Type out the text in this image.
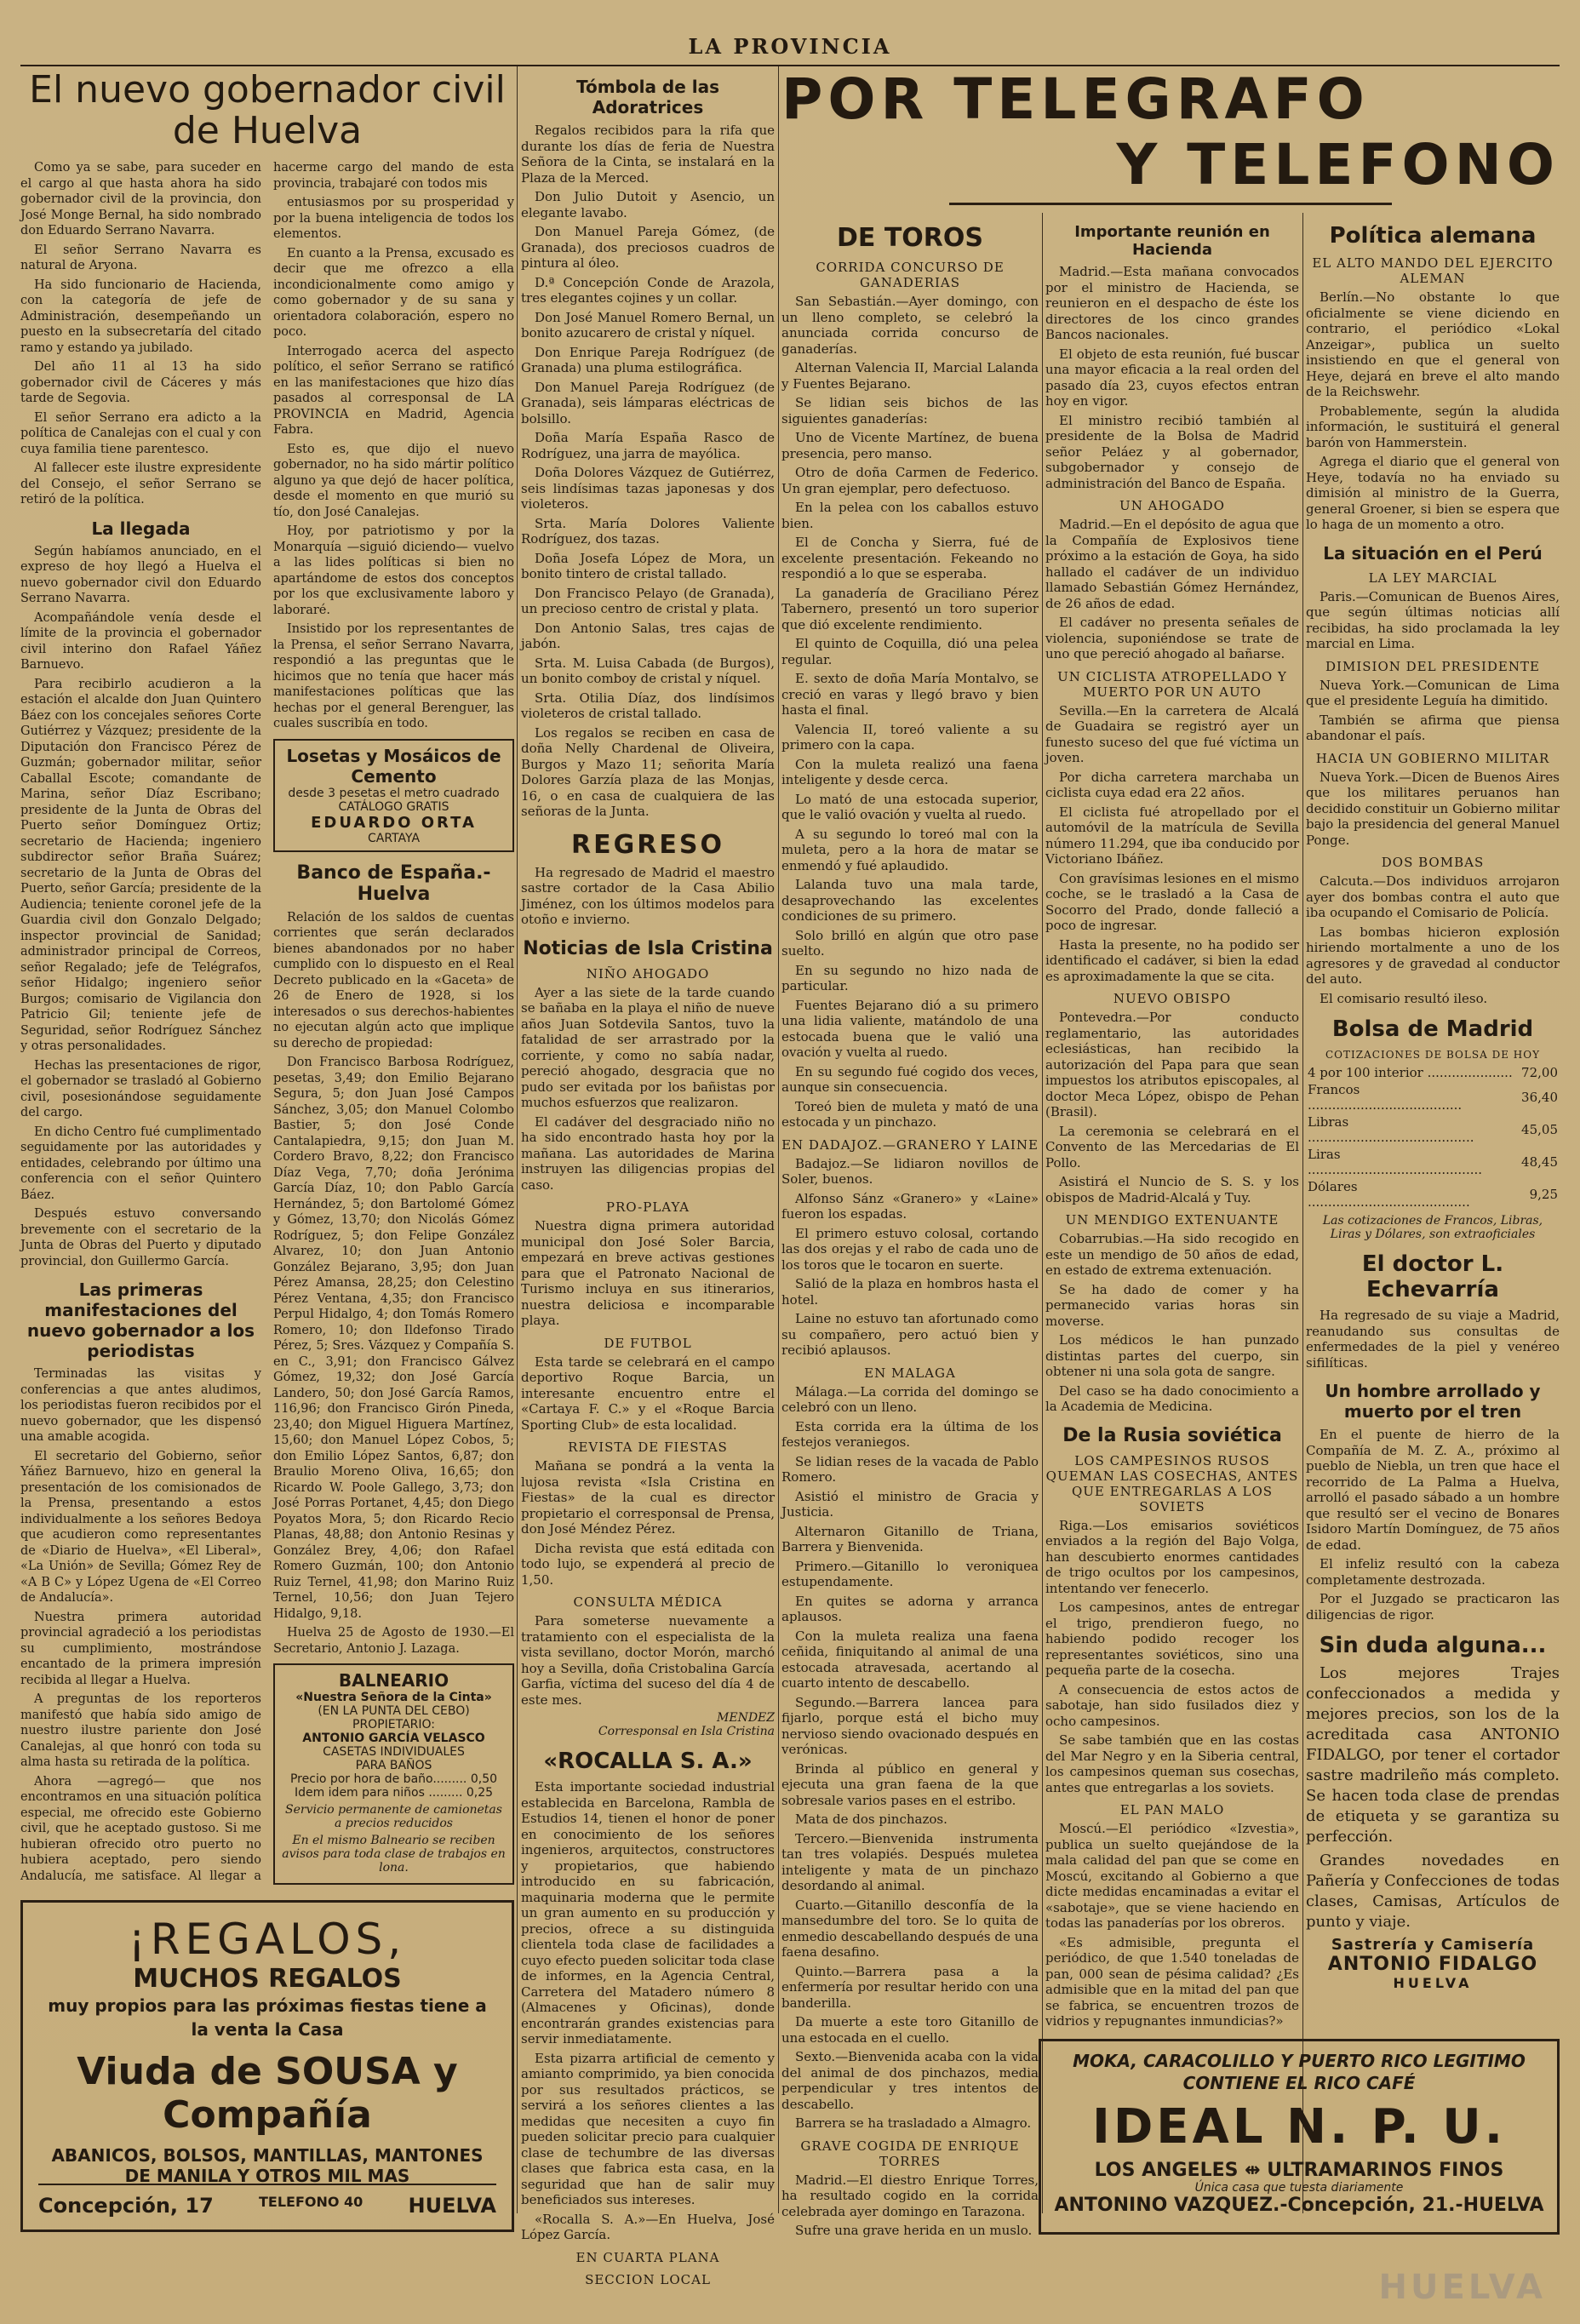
LA PROVINCIA
El nuevo gobernador civil de Huelva

Como ya se sabe, para suceder en el cargo al que hasta ahora ha sido gobernador civil de la provincia, don José Monge Bernal, ha sido nombrado don Eduardo Serrano Navarra.

El señor Serrano Navarra es natural de Aryona.

Ha sido funcionario de Hacienda, con la categoría de jefe de Administración, desempeñando un puesto en la subsecretaría del citado ramo y estando ya jubilado.

Del año 11 al 13 ha sido gobernador civil de Cáceres y más tarde de Segovia.

El señor Serrano era adicto a la política de Canalejas con el cual y con cuya familia tiene parentesco.

Al fallecer este ilustre expresidente del Consejo, el señor Serrano se retiró de la política.

La llegada

Según habíamos anunciado, en el expreso de hoy llegó a Huelva el nuevo gobernador civil don Eduardo Serrano Navarra.

Acompañándole venía desde el límite de la provincia el gobernador civil interino don Rafael Yáñez Barnuevo.

Para recibirlo acudieron a la estación el alcalde don Juan Quintero Báez con los concejales señores Corte Gutiérrez y Vázquez; presidente de la Diputación don Francisco Pérez de Guzmán; gobernador militar, señor Caballal Escote; comandante de Marina, señor Díaz Escribano; presidente de la Junta de Obras del Puerto señor Domínguez Ortiz; secretario de Hacienda; ingeniero subdirector señor Braña Suárez; secretario de la Junta de Obras del Puerto, señor García; presidente de la Audiencia; teniente coronel jefe de la Guardia civil don Gonzalo Delgado; inspector provincial de Sanidad; administrador principal de Correos, señor Regalado; jefe de Telégrafos, señor Hidalgo; ingeniero señor Burgos; comisario de Vigilancia don Patricio Gil; teniente jefe de Seguridad, señor Rodríguez Sánchez y otras personalidades.

Hechas las presentaciones de rigor, el gobernador se trasladó al Gobierno civil, posesionándose seguidamente del cargo.

En dicho Centro fué cumplimentado seguidamente por las autoridades y entidades, celebrando por último una conferencia con el señor Quintero Báez.

Después estuvo conversando brevemente con el secretario de la Junta de Obras del Puerto y diputado provincial, don Guillermo García.

Las primeras manifestaciones del nuevo gobernador a los periodistas

Terminadas las visitas y conferencias a que antes aludimos, los periodistas fueron recibidos por el nuevo gobernador, que les dispensó una amable acogida.

El secretario del Gobierno, señor Yáñez Barnuevo, hizo en general la presentación de los comisionados de la Prensa, presentando a estos individualmente a los señores Bedoya que acudieron como representantes de «Diario de Huelva», «El Liberal», «La Unión» de Sevilla; Gómez Rey de «A B C» y López Ugena de «El Correo de Andalucía».

Nuestra primera autoridad provincial agradeció a los periodistas su cumplimiento, mostrándose encantado de la primera impresión recibida al llegar a Huelva.

A preguntas de los reporteros manifestó que había sido amigo de nuestro ilustre pariente don José Canalejas, al que honró con toda su alma hasta su retirada de la política.

Ahora —agregó— que nos encontramos en una situación política especial, me ofrecido este Gobierno civil, que he aceptado gustoso. Si me hubieran ofrecido otro puerto no hubiera aceptado, pero siendo Andalucía, me satisface. Al llegar a hacerme cargo del mando de esta provincia, trabajaré con todos mis

entusiasmos por su prosperidad y por la buena inteligencia de todos los elementos.

En cuanto a la Prensa, excusado es decir que me ofrezco a ella incondicionalmente como amigo y como gobernador y de su sana y orientadora colaboración, espero no poco.

Interrogado acerca del aspecto político, el señor Serrano se ratificó en las manifestaciones que hizo días pasados al corresponsal de LA PROVINCIA en Madrid, Agencia Fabra.

Esto es, que dijo el nuevo gobernador, no ha sido mártir político alguno ya que dejó de hacer política, desde el momento en que murió su tío, don José Canalejas.

Hoy, por patriotismo y por la Monarquía —siguió diciendo— vuelvo a las lides políticas si bien no apartándome de estos dos conceptos por los que exclusivamente laboro y laboraré.

Insistido por los representantes de la Prensa, el señor Serrano Navarra, respondió a las preguntas que le hicimos que no tenía que hacer más manifestaciones políticas que las hechas por el general Berenguer, las cuales suscribía en todo.

Losetas y Mosáicos de Cemento
desde 3 pesetas el metro cuadrado
CATÁLOGO GRATIS
EDUARDO ORTA
CARTAYA
Banco de España.-Huelva

Relación de los saldos de cuentas corrientes que serán declarados bienes abandonados por no haber cumplido con lo dispuesto en el Real Decreto publicado en la «Gaceta» de 26 de Enero de 1928, si los interesados o sus derechos-habientes no ejecutan algún acto que implique su derecho de propiedad:

Don Francisco Barbosa Rodríguez, pesetas, 3,49; don Emilio Bejarano Segura, 5; don Juan José Campos Sánchez, 3,05; don Manuel Colombo Bastier, 5; don José Conde Cantalapiedra, 9,15; don Juan M. Cordero Bravo, 8,22; don Francisco Díaz Vega, 7,70; doña Jerónima García Díaz, 10; don Pablo García Hernández, 5; don Bartolomé Gómez y Gómez, 13,70; don Nicolás Gómez Rodríguez, 5; don Felipe González Alvarez, 10; don Juan Antonio González Bejarano, 3,95; don Juan Pérez Amansa, 28,25; don Celestino Pérez Ventana, 4,35; don Francisco Perpul Hidalgo, 4; don Tomás Romero Romero, 10; don Ildefonso Tirado Pérez, 5; Sres. Vázquez y Compañía S. en C., 3,91; don Francisco Gálvez Gómez, 19,32; don José García Landero, 50; don José García Ramos, 116,96; don Francisco Girón Pineda, 23,40; don Miguel Higuera Martínez, 15,60; don Manuel López Cobos, 5; don Emilio López Santos, 6,87; don Braulio Moreno Oliva, 16,65; don Ricardo W. Poole Gallego, 3,73; don José Porras Portanet, 4,45; don Diego Poyatos Mora, 5; don Ricardo Recio Planas, 48,88; don Antonio Resinas y González Brey, 4,06; don Rafael Romero Guzmán, 100; don Antonio Ruiz Ternel, 41,98; don Marino Ruiz Ternel, 10,56; don Juan Tejero Hidalgo, 9,18.

Huelva 25 de Agosto de 1930.—El Secretario, Antonio J. Lazaga.

BALNEARIO
«Nuestra Señora de la Cinta»
(EN LA PUNTA DEL CEBO)
PROPIETARIO:
ANTONIO GARCÍA VELASCO
CASETAS INDIVIDUALES
PARA BAÑOS
Precio por hora de baño......... 0,50
Idem idem para niños ......... 0,25
Servicio permanente de camionetas a precios reducidos
En el mismo Balneario se reciben avisos para toda clase de trabajos en lona.
¡REGALOS,
MUCHOS REGALOS
muy propios para las próximas fiestas tiene a la venta la Casa
Viuda de SOUSA y Compañía
ABANICOS, BOLSOS, MANTILLAS, MANTONES DE MANILA Y OTROS MIL MAS
Concepción, 17	TELEFONO 40 HUELVA
Tómbola de las Adoratrices

Regalos recibidos para la rifa que durante los días de feria de Nuestra Señora de la Cinta, se instalará en la Plaza de la Merced.

Don Julio Dutoit y Asencio, un elegante lavabo.

Don Manuel Pareja Gómez, (de Granada), dos preciosos cuadros de pintura al óleo.

D.ª Concepción Conde de Arazola, tres elegantes cojines y un collar.

Don José Manuel Romero Bernal, un bonito azucarero de cristal y níquel.

Don Enrique Pareja Rodríguez (de Granada) una pluma estilográfica.

Don Manuel Pareja Rodríguez (de Granada), seis lámparas eléctricas de bolsillo.

Doña María España Rasco de Rodríguez, una jarra de mayólica.

Doña Dolores Vázquez de Gutiérrez, seis lindísimas tazas japonesas y dos violeteros.

Srta. María Dolores Valiente Rodríguez, dos tazas.

Doña Josefa López de Mora, un bonito tintero de cristal tallado.

Don Francisco Pelayo (de Granada), un precioso centro de cristal y plata.

Don Antonio Salas, tres cajas de jabón.

Srta. M. Luisa Cabada (de Burgos), un bonito comboy de cristal y níquel.

Srta. Otilia Díaz, dos lindísimos violeteros de cristal tallado.

Los regalos se reciben en casa de doña Nelly Chardenal de Oliveira, Burgos y Mazo 11; señorita María Dolores Garzía plaza de las Monjas, 16, o en casa de cualquiera de las señoras de la Junta.

REGRESO

Ha regresado de Madrid el maestro sastre cortador de la Casa Abilio Jiménez, con los últimos modelos para otoño e invierno.

Noticias de Isla Cristina
NIÑO AHOGADO

Ayer a las siete de la tarde cuando se bañaba en la playa el niño de nueve años Juan Sotdevila Santos, tuvo la fatalidad de ser arrastrado por la corriente, y como no sabía nadar, pereció ahogado, desgracia que no pudo ser evitada por los bañistas por muchos esfuerzos que realizaron.

El cadáver del desgraciado niño no ha sido encontrado hasta hoy por la mañana. Las autoridades de Marina instruyen las diligencias propias del caso.

PRO-PLAYA

Nuestra digna primera autoridad municipal don José Soler Barcia, empezará en breve activas gestiones para que el Patronato Nacional de Turismo incluya en sus itinerarios, nuestra deliciosa e incomparable playa.

DE FUTBOL

Esta tarde se celebrará en el campo deportivo Roque Barcia, un interesante encuentro entre el «Cartaya F. C.» y el «Roque Barcia Sporting Club» de esta localidad.

REVISTA DE FIESTAS

Mañana se pondrá a la venta la lujosa revista «Isla Cristina en Fiestas» de la cual es director propietario el corresponsal de Prensa, don José Méndez Pérez.

Dicha revista que está editada con todo lujo, se expenderá al precio de 1,50.

CONSULTA MÉDICA

Para someterse nuevamente a tratamiento con el especialista de la vista sevillano, doctor Morón, marchó hoy a Sevilla, doña Cristobalina García Garfia, víctima del suceso del día 4 de este mes.

MENDEZ
Corresponsal en Isla Cristina
«ROCALLA S. A.»

Esta importante sociedad industrial establecida en Barcelona, Rambla de Estudios 14, tienen el honor de poner en conocimiento de los señores ingenieros, arquitectos, constructores y propietarios, que habiendo introducido en su fabricación, maquinaria moderna que le permite un gran aumento en su producción y precios, ofrece a su distinguida clientela toda clase de facilidades a cuyo efecto pueden solicitar toda clase de informes, en la Agencia Central, Carretera del Matadero número 8 (Almacenes y Oficinas), donde encontrarán grandes existencias para servir inmediatamente.

Esta pizarra artificial de cemento y amianto comprimido, ya bien conocida por sus resultados prácticos, se servirá a los señores clientes a las medidas que necesiten a cuyo fin pueden solicitar precio para cualquier clase de techumbre de las diversas clases que fabrica esta casa, en la seguridad que han de salir muy beneficiados sus intereses.

«Rocalla S. A.»—En Huelva, José López García.

EN CUARTA PLANA
SECCION LOCAL
POR TELEGRAFO
Y TELEFONO
DE TOROS
CORRIDA CONCURSO DE GANADERIAS

San Sebastián.—Ayer domingo, con un lleno completo, se celebró la anunciada corrida concurso de ganaderías.

Alternan Valencia II, Marcial Lalanda y Fuentes Bejarano.

Se lidian seis bichos de las siguientes ganaderías:

Uno de Vicente Martínez, de buena presencia, pero manso.

Otro de doña Carmen de Federico. Un gran ejemplar, pero defectuoso.

En la pelea con los caballos estuvo bien.

El de Concha y Sierra, fué de excelente presentación. Fekeando no respondió a lo que se esperaba.

La ganadería de Graciliano Pérez Tabernero, presentó un toro superior que dió excelente rendimiento.

El quinto de Coquilla, dió una pelea regular.

E. sexto de doña María Montalvo, se creció en varas y llegó bravo y bien hasta el final.

Valencia II, toreó valiente a su primero con la capa.

Con la muleta realizó una faena inteligente y desde cerca.

Lo mató de una estocada superior, que le valió ovación y vuelta al ruedo.

A su segundo lo toreó mal con la muleta, pero a la hora de matar se enmendó y fué aplaudido.

Lalanda tuvo una mala tarde, desaprovechando las excelentes condiciones de su primero.

Solo brilló en algún que otro pase suelto.

En su segundo no hizo nada de particular.

Fuentes Bejarano dió a su primero una lidia valiente, matándolo de una estocada buena que le valió una ovación y vuelta al ruedo.

En su segundo fué cogido dos veces, aunque sin consecuencia.

Toreó bien de muleta y mató de una estocada y un pinchazo.

EN DADAJOZ.—GRANERO Y LAINE

Badajoz.—Se lidiaron novillos de Soler, buenos.

Alfonso Sánz «Granero» y «Laine» fueron los espadas.

El primero estuvo colosal, cortando las dos orejas y el rabo de cada uno de los toros que le tocaron en suerte.

Salió de la plaza en hombros hasta el hotel.

Laine no estuvo tan afortunado como su compañero, pero actuó bien y recibió aplausos.

EN MALAGA

Málaga.—La corrida del domingo se celebró con un lleno.

Esta corrida era la última de los festejos veraniegos.

Se lidian reses de la vacada de Pablo Romero.

Asistió el ministro de Gracia y Justicia.

Alternaron Gitanillo de Triana, Barrera y Bienvenida.

Primero.—Gitanillo lo veroniquea estupendamente.

En quites se adorna y arranca aplausos.

Con la muleta realiza una faena ceñida, finiquitando al animal de una estocada atravesada, acertando al cuarto intento de descabello.

Segundo.—Barrera lancea para fijarlo, porque está el bicho muy nervioso siendo ovacionado después en verónicas.

Brinda al público en general y ejecuta una gran faena de la que sobresale varios pases en el estribo.

Mata de dos pinchazos.

Tercero.—Bienvenida instrumenta tan tres volapiés. Después muletea inteligente y mata de un pinchazo desordando al animal.

Cuarto.—Gitanillo desconfía de la mansedumbre del toro. Se lo quita de enmedio descabellando después de una faena desafino.

Quinto.—Barrera pasa a la enfermería por resultar herido con una banderilla.

Da muerte a este toro Gitanillo de una estocada en el cuello.

Sexto.—Bienvenida acaba con la vida del animal de dos pinchazos, media perpendicular y tres intentos de descabello.

Barrera se ha trasladado a Almagro.

GRAVE COGIDA DE ENRIQUE TORRES

Madrid.—El diestro Enrique Torres, ha resultado cogido en la corrida celebrada ayer domingo en Tarazona.

Sufre una grave herida en un muslo.

Importante reunión en Hacienda

Madrid.—Esta mañana convocados por el ministro de Hacienda, se reunieron en el despacho de éste los directores de los cinco grandes Bancos nacionales.

El objeto de esta reunión, fué buscar una mayor eficacia a la real orden del pasado día 23, cuyos efectos entran hoy en vigor.

El ministro recibió también al presidente de la Bolsa de Madrid señor Peláez y al gobernador, subgobernador y consejo de administración del Banco de España.

UN AHOGADO

Madrid.—En el depósito de agua que la Compañía de Explosivos tiene próximo a la estación de Goya, ha sido hallado el cadáver de un individuo llamado Sebastián Gómez Hernández, de 26 años de edad.

El cadáver no presenta señales de violencia, suponiéndose se trate de uno que pereció ahogado al bañarse.

UN CICLISTA ATROPELLADO Y MUERTO POR UN AUTO

Sevilla.—En la carretera de Alcalá de Guadaira se registró ayer un funesto suceso del que fué víctima un joven.

Por dicha carretera marchaba un ciclista cuya edad era 22 años.

El ciclista fué atropellado por el automóvil de la matrícula de Sevilla número 11.294, que iba conducido por Victoriano Ibáñez.

Con gravísimas lesiones en el mismo coche, se le trasladó a la Casa de Socorro del Prado, donde falleció a poco de ingresar.

Hasta la presente, no ha podido ser identificado el cadáver, si bien la edad es aproximadamente la que se cita.

NUEVO OBISPO

Pontevedra.—Por conducto reglamentario, las autoridades eclesiásticas, han recibido la autorización del Papa para que sean impuestos los atributos episcopales, al doctor Meca López, obispo de Pehan (Brasil).

La ceremonia se celebrará en el Convento de las Mercedarias de El Pollo.

Asistirá el Nuncio de S. S. y los obispos de Madrid-Alcalá y Tuy.

UN MENDIGO EXTENUANTE

Cobarrubias.—Ha sido recogido en este un mendigo de 50 años de edad, en estado de extrema extenuación.

Se ha dado de comer y ha permanecido varias horas sin moverse.

Los médicos le han punzado distintas partes del cuerpo, sin obtener ni una sola gota de sangre.

Del caso se ha dado conocimiento a la Academia de Medicina.

De la Rusia soviética
LOS CAMPESINOS RUSOS QUEMAN LAS COSECHAS, ANTES QUE ENTREGARLAS A LOS SOVIETS

Riga.—Los emisarios soviéticos enviados a la región del Bajo Volga, han descubierto enormes cantidades de trigo ocultos por los campesinos, intentando ver fenecerlo.

Los campesinos, antes de entregar el trigo, prendieron fuego, no habiendo podido recoger los representantes soviéticos, sino una pequeña parte de la cosecha.

A consecuencia de estos actos de sabotaje, han sido fusilados diez y ocho campesinos.

Se sabe también que en las costas del Mar Negro y en la Siberia central, los campesinos queman sus cosechas, antes que entregarlas a los soviets.

EL PAN MALO

Moscú.—El periódico «Izvestia», publica un suelto quejándose de la mala calidad del pan que se come en Moscú, excitando al Gobierno a que dicte medidas encaminadas a evitar el «sabotaje», que se viene haciendo en todas las panaderías por los obreros.

«Es admisible, pregunta el periódico, de que 1.540 toneladas de pan, 000 sean de pésima calidad? ¿Es admisible que en la mitad del pan que se fabrica, se encuentren trozos de vidrios y repugnantes inmundicias?»

Política alemana
EL ALTO MANDO DEL EJERCITO ALEMAN

Berlín.—No obstante lo que oficialmente se viene diciendo en contrario, el periódico «Lokal Anzeigar», publica un suelto insistiendo en que el general von Heye, dejará en breve el alto mando de la Reichswehr.

Probablemente, según la aludida información, le sustituirá el general barón von Hammerstein.

Agrega el diario que el general von Heye, todavía no ha enviado su dimisión al ministro de la Guerra, general Groener, si bien se espera que lo haga de un momento a otro.

La situación en el Perú
LA LEY MARCIAL

Paris.—Comunican de Buenos Aires, que según últimas noticias allí recibidas, ha sido proclamada la ley marcial en Lima.

DIMISION DEL PRESIDENTE

Nueva York.—Comunican de Lima que el presidente Leguía ha dimitido.

También se afirma que piensa abandonar el país.

HACIA UN GOBIERNO MILITAR

Nueva York.—Dicen de Buenos Aires que los militares peruanos han decidido constituir un Gobierno militar bajo la presidencia del general Manuel Ponge.

DOS BOMBAS

Calcuta.—Dos individuos arrojaron ayer dos bombas contra el auto que iba ocupando el Comisario de Policía.

Las bombas hicieron explosión hiriendo mortalmente a uno de los agresores y de gravedad al conductor del auto.

El comisario resultó ileso.

Bolsa de Madrid
COTIZACIONES DE BOLSA DE HOY
4 por 100 interior .....................	72,00
Francos ......................................	36,40
Libras .........................................	45,05
Liras ...........................................	48,45
Dólares ........................................	9,25
Las cotizaciones de Francos, Libras, Liras y Dólares, son extraoficiales
El doctor L. Echevarría

Ha regresado de su viaje a Madrid, reanudando sus consultas de enfermedades de la piel y venéreo sifilíticas.

Un hombre arrollado y muerto por el tren

En el puente de hierro de la Compañía de M. Z. A., próximo al pueblo de Niebla, un tren que hace el recorrido de La Palma a Huelva, arrolló el pasado sábado a un hombre que resultó ser el vecino de Bonares Isidoro Martín Domínguez, de 75 años de edad.

El infeliz resultó con la cabeza completamente destrozada.

Por el Juzgado se practicaron las diligencias de rigor.

Sin duda alguna...

Los mejores Trajes confeccionados a medida y mejores precios, son los de la acreditada casa ANTONIO FIDALGO, por tener el cortador sastre madrileño más completo. Se hacen toda clase de prendas de etiqueta y se garantiza su perfección.

Grandes novedades en Pañería y Confecciones de todas clases, Camisas, Artículos de punto y viaje.

Sastrería y Camisería
ANTONIO FIDALGO
HUELVA
MOKA, CARACOLILLO Y PUERTO RICO LEGITIMO
CONTIENE EL RICO CAFÉ
IDEAL N. P. U.
LOS ANGELES ⇹ ULTRAMARINOS FINOS
Única casa que tuesta diariamente
ANTONINO VAZQUEZ.-Concepción, 21.-HUELVA
HUELVA
